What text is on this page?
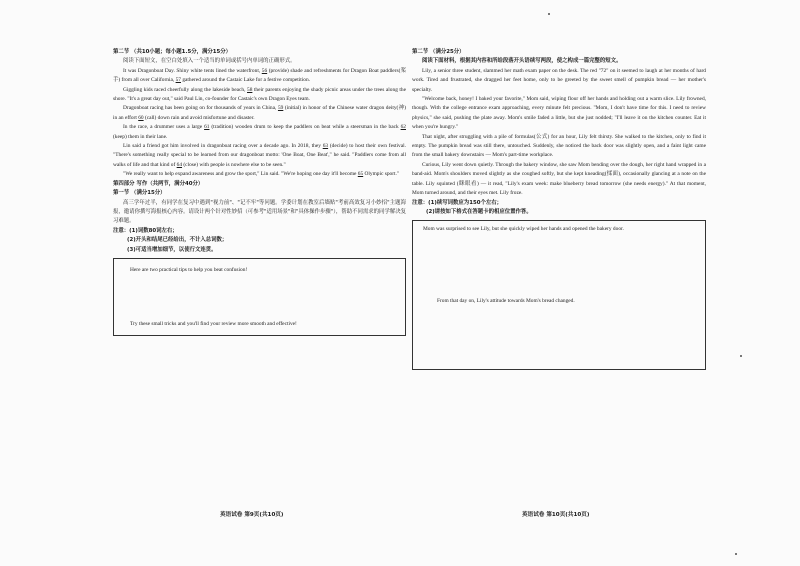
第二节 （共10小题；每小题1.5分，满分15分）

阅读下面短文，在空白处填入一个适当的单词或括号内单词的正确形式。

It was Dragonboat Day. Shiny white tents lined the waterfront, 56 (provide) shade and refreshments for Dragon Boat paddlers(桨手) from all over California, 57 gathered around the Castaic Lake for a festive competition.

Giggling kids raced cheerfully along the lakeside beach, 58 their parents enjoying the shady picnic areas under the trees along the shore. "It's a great day out," said Paul Lin, co-founder for Castaic's own Dragon Eyes team.

Dragonboat racing has been going on for thousands of years in China, 59 (initial) in honor of the Chinese water dragon deity(神) in an effort 60 (call) down rain and avoid misfortune and disaster.

In the race, a drummer uses a large 61 (tradition) wooden drum to keep the paddlers on beat while a steersman in the back 62 (keep) them in their lane.

Lin said a friend got him involved in dragonboat racing over a decade ago. In 2018, they 63 (decide) to host their own festival. "There's something really special to be learned from our dragonboat motto: 'One Boat, One Beat'," he said. "Paddlers come from all walks of life and that kind of 64 (close) with people is nowhere else to be seen."

"We really want to help expand awareness and grow the sport," Lin said. "We're hoping one day it'll become 65 Olympic sport."

第四部分 写作（共两节，满分40分）

第一节 （满分15分）

高三学年过半，有同学在复习中遇到"视力前"、"记不牢"等问题。学委计划在教室后墙贴"考前高效复习小妙招"主题海报，邀请你撰写海报核心内容。请设计两个针对性妙招（可参考"适用场景"和"具体操作步骤"），帮助不同需求的同学解决复习难题。

注意：(1)词数80词左右；

(2)开头和结尾已经给出，不计入总词数；

(3)可适当增加细节，以使行文连贯。

Here are two practical tips to help you beat confusion!
Try these small tricks and you'll find your review more smooth and effective!

第二节 （满分25分）

阅读下面材料，根据其内容和所给段落开头语续写两段，使之构成一篇完整的短文。

Lily, a senior three student, slammed her math exam paper on the desk. The red "72" on it seemed to laugh at her months of hard work. Tired and frustrated, she dragged her feet home, only to be greeted by the sweet smell of pumpkin bread — her mother's specialty.

"Welcome back, honey! I baked your favorite," Mom said, wiping flour off her hands and holding out a warm slice. Lily frowned, though. With the college entrance exam approaching, every minute felt precious. "Mom, I don't have time for this. I need to review physics," she said, pushing the plate away. Mom's smile faded a little, but she just nodded; "I'll leave it on the kitchen counter. Eat it when you're hungry."

That night, after struggling with a pile of formulas(公式) for an hour, Lily felt thirsty. She walked to the kitchen, only to find it empty. The pumpkin bread was still there, untouched. Suddenly, she noticed the back door was slightly open, and a faint light came from the small bakery downstairs — Mom's part-time workplace.

Curious, Lily went down quietly. Through the bakery window, she saw Mom bending over the dough, her right hand wrapped in a band-aid. Mom's shoulders moved slightly as she coughed softly, but she kept kneading(揉面), occasionally glancing at a note on the table. Lily squinted (眯眼看) — it read, "Lily's exam week: make blueberry bread tomorrow (she needs energy)." At that moment, Mom turned around, and their eyes met. Lily froze.

注意：(1)续写词数应为150个左右；

(2)请按如下格式在答题卡的相应位置作答。

Mom was surprised to see Lily, but she quickly wiped her hands and opened the bakery door.
From that day on, Lily's attitude towards Mom's bread changed.
英语试卷 第9页(共10页)	英语试卷 第10页(共10页)
